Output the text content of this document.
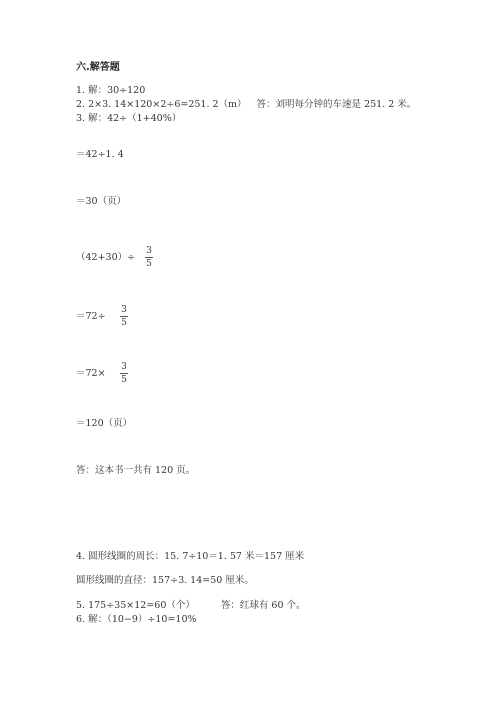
六.解答题
1. 解：30÷120
2. 2×3. 14×120×2÷6=251. 2（m） 答：刘明每分钟的车速是 251. 2 米。
3. 解：42÷（1+40%）
＝42÷1. 4
＝30（页）
（42+30）÷
3
5
＝72÷
3
5
＝72×
3
5
＝120（页）
答：这本书一共有 120 页。
4. 圆形线圈的周长：15. 7÷10＝1. 57 米＝157 厘米
圆形线圈的直径：157÷3. 14=50 厘米。
5. 175÷35×12=60（个）	答：红球有 60 个。
6. 解：（10−9）÷10=10%
